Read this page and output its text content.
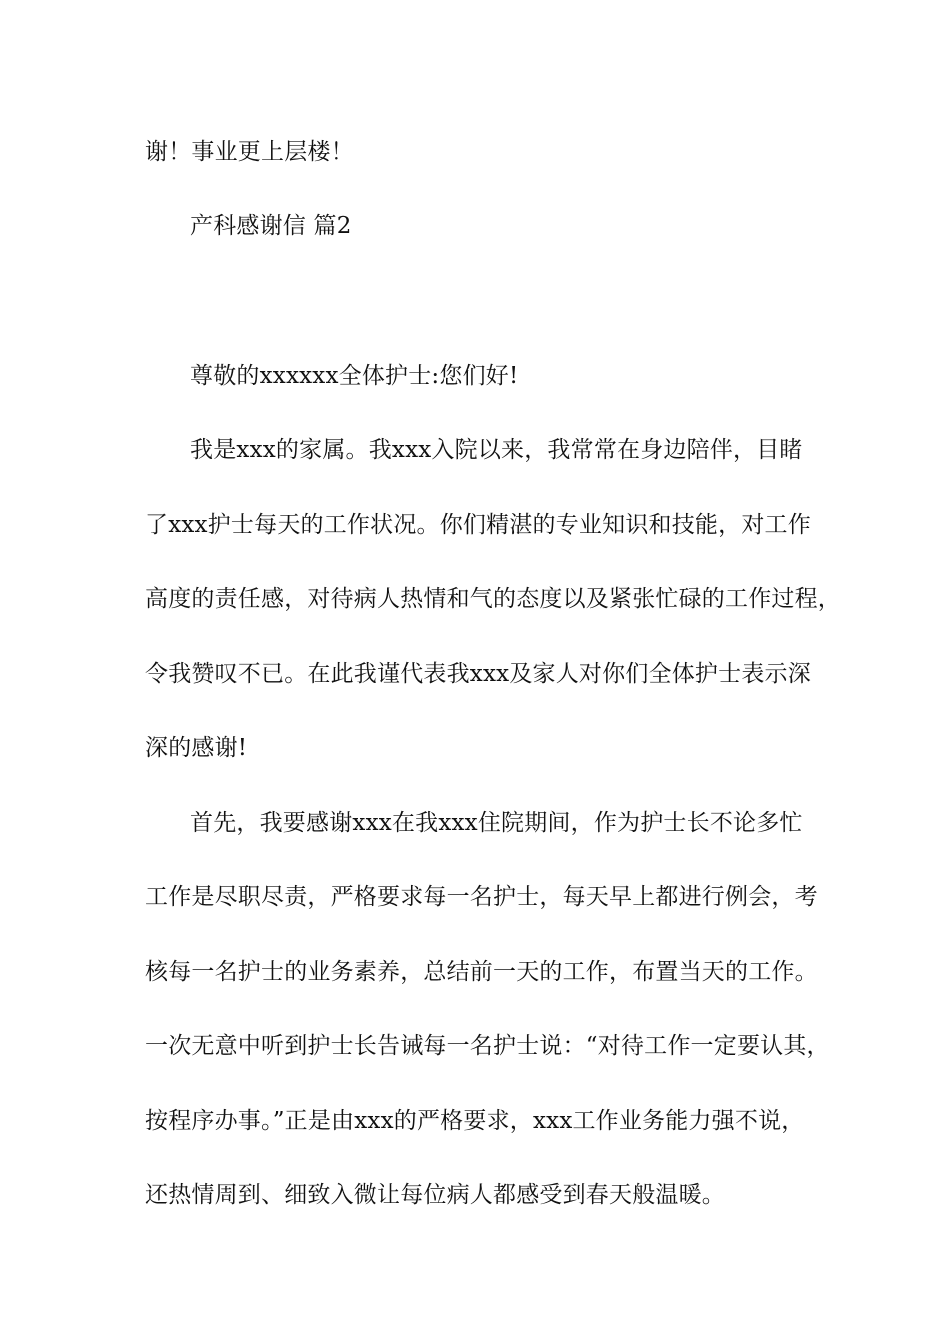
谢！事业更上层楼！
产科感谢信 篇2
尊敬的xxxxxx全体护士:您们好!
我是xxx的家属。我xxx入院以来，我常常在身边陪伴，目睹
了xxx护士每天的工作状况。你们精湛的专业知识和技能，对工作
高度的责任感，对待病人热情和气的态度以及紧张忙碌的工作过程，
令我赞叹不已。在此我谨代表我xxx及家人对你们全体护士表示深
深的感谢!
首先，我要感谢xxx在我xxx住院期间，作为护士长不论多忙
工作是尽职尽责，严格要求每一名护士，每天早上都进行例会，考
核每一名护士的业务素养，总结前一天的工作，布置当天的工作。
一次无意中听到护士长告诫每一名护士说：“对待工作一定要认其，
按程序办事。”正是由xxx的严格要求，xxx工作业务能力强不说，
还热情周到、细致入微让每位病人都感受到春天般温暖。
